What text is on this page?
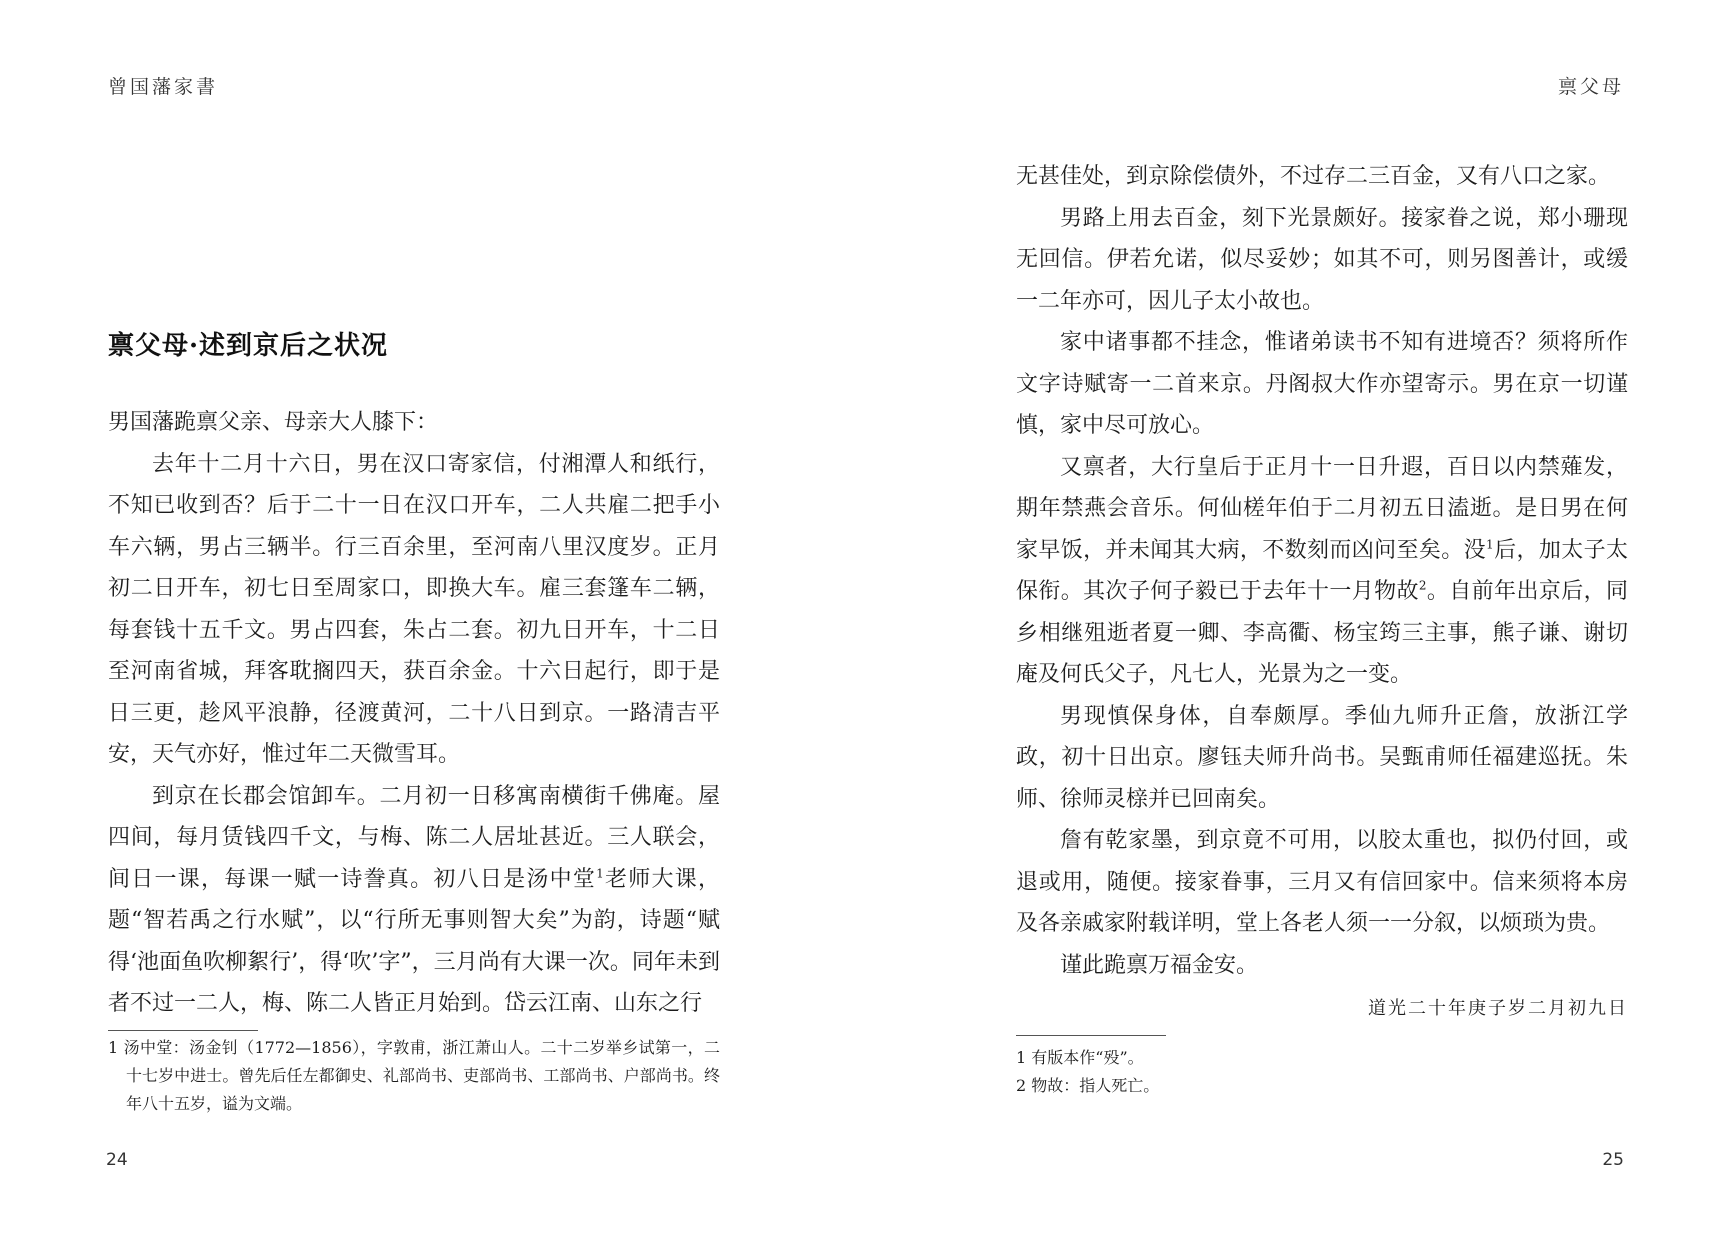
曾国藩家書

禀父母·述到京后之状况

男国藩跪禀父亲、母亲大人膝下：

去年十二月十六日，男在汉口寄家信，付湘潭人和纸行，不知已收到否？后于二十一日在汉口开车，二人共雇二把手小车六辆，男占三辆半。行三百余里，至河南八里汉度岁。正月初二日开车，初七日至周家口，即换大车。雇三套篷车二辆，每套钱十五千文。男占四套，朱占二套。初九日开车，十二日至河南省城，拜客耽搁四天，获百余金。十六日起行，即于是日三更，趁风平浪静，径渡黄河，二十八日到京。一路清吉平安，天气亦好，惟过年二天微雪耳。

到京在长郡会馆卸车。二月初一日移寓南横街千佛庵。屋四间，每月赁钱四千文，与梅、陈二人居址甚近。三人联会，间日一课，每课一赋一诗誊真。初八日是汤中堂$^1$老师大课，题“智若禹之行水赋”，以“行所无事则智大矣”为韵，诗题“赋得‘池面鱼吹柳絮行’，得‘吹’字”，三月尚有大课一次。同年未到者不过一二人，梅、陈二人皆正月始到。岱云江南、山东之行

1 汤中堂：汤金钊（1772—1856），字敦甫，浙江萧山人。二十二岁举乡试第一，二十七岁中进士。曾先后任左都御史、礼部尚书、吏部尚书、工部尚书、户部尚书。终年八十五岁，谥为文端。

24

禀父母

无甚佳处，到京除偿债外，不过存二三百金，又有八口之家。

男路上用去百金，刻下光景颇好。接家眷之说，郑小珊现无回信。伊若允诺，似尽妥妙；如其不可，则另图善计，或缓一二年亦可，因儿子太小故也。

家中诸事都不挂念，惟诸弟读书不知有进境否？须将所作文字诗赋寄一二首来京。丹阁叔大作亦望寄示。男在京一切谨慎，家中尽可放心。

又禀者，大行皇后于正月十一日升遐，百日以内禁薙发，期年禁燕会音乐。何仙槎年伯于二月初五日溘逝。是日男在何家早饭，并未闻其大病，不数刻而凶问至矣。没$^1$后，加太子太保衔。其次子何子毅已于去年十一月物故$^2$。自前年出京后，同乡相继殂逝者夏一卿、李高衢、杨宝筠三主事，熊子谦、谢切庵及何氏父子，凡七人，光景为之一变。

男现慎保身体，自奉颇厚。季仙九师升正詹，放浙江学政，初十日出京。廖钰夫师升尚书。吴甄甫师任福建巡抚。朱师、徐师灵榇并已回南矣。

詹有乾家墨，到京竟不可用，以胶太重也，拟仍付回，或退或用，随便。接家眷事，三月又有信回家中。信来须将本房及各亲戚家附载详明，堂上各老人须一一分叙，以烦琐为贵。

谨此跪禀万福金安。

道光二十年庚子岁二月初九日

1 有版本作“殁”。
2 物故：指人死亡。

25
